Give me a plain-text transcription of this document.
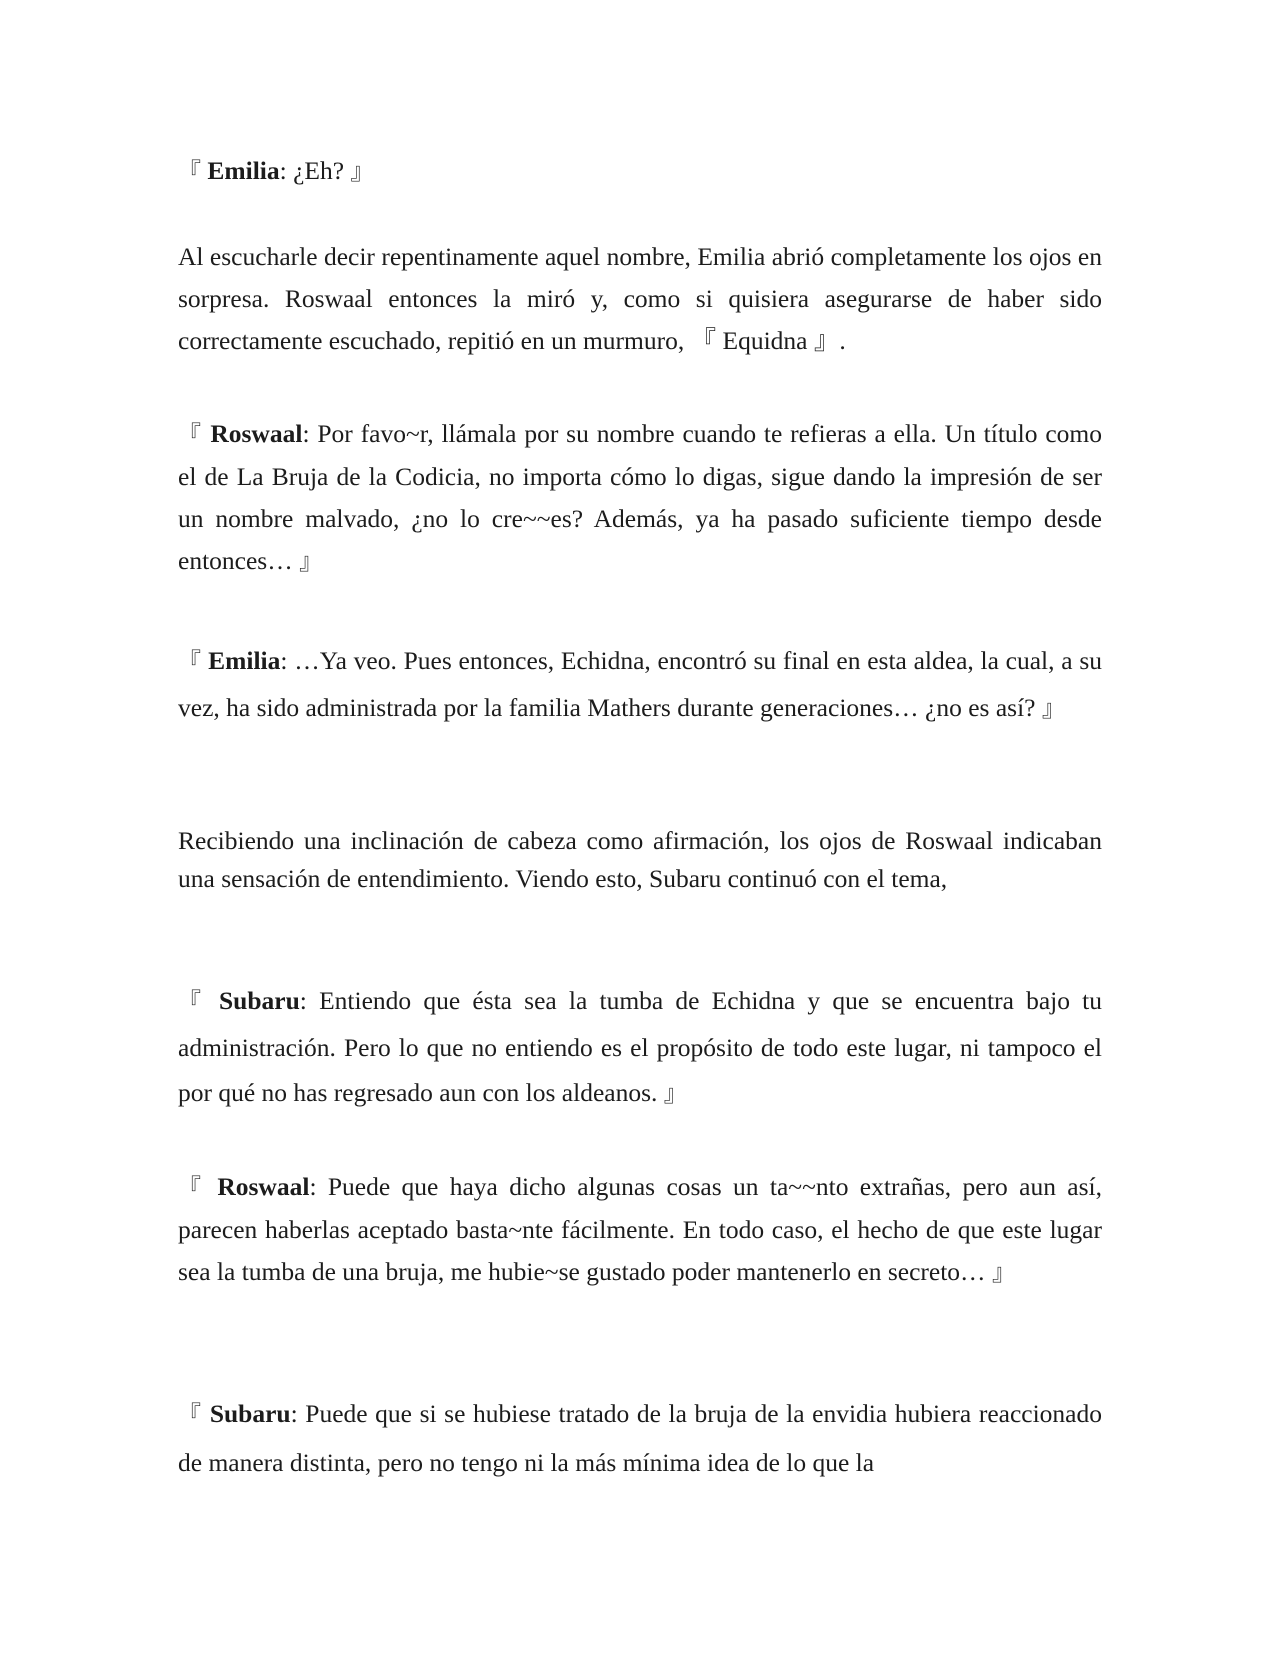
『 Emilia: ¿Eh? 』

Al escucharle decir repentinamente aquel nombre, Emilia abrió completamente los ojos en sorpresa. Roswaal entonces la miró y, como si quisiera asegurarse de haber sido correctamente escuchado, repitió en un murmuro, 『 Equidna 』.

『 Roswaal: Por favo~r, llámala por su nombre cuando te refieras a ella. Un título como el de La Bruja de la Codicia, no importa cómo lo digas, sigue dando la impresión de ser un nombre malvado, ¿no lo cre~~es? Además, ya ha pasado suficiente tiempo desde entonces… 』

『 Emilia: …Ya veo. Pues entonces, Echidna, encontró su final en esta aldea, la cual, a su vez, ha sido administrada por la familia Mathers durante generaciones… ¿no es así? 』

Recibiendo una inclinación de cabeza como afirmación, los ojos de Roswaal indicaban una sensación de entendimiento. Viendo esto, Subaru continuó con el tema,

『 Subaru: Entiendo que ésta sea la tumba de Echidna y que se encuentra bajo tu administración. Pero lo que no entiendo es el propósito de todo este lugar, ni tampoco el por qué no has regresado aun con los aldeanos. 』

『 Roswaal: Puede que haya dicho algunas cosas un ta~~nto extrañas, pero aun así, parecen haberlas aceptado basta~nte fácilmente. En todo caso, el hecho de que este lugar sea la tumba de una bruja, me hubie~se gustado poder mantenerlo en secreto… 』

『 Subaru: Puede que si se hubiese tratado de la bruja de la envidia hubiera reaccionado de manera distinta, pero no tengo ni la más mínima idea de lo que la
